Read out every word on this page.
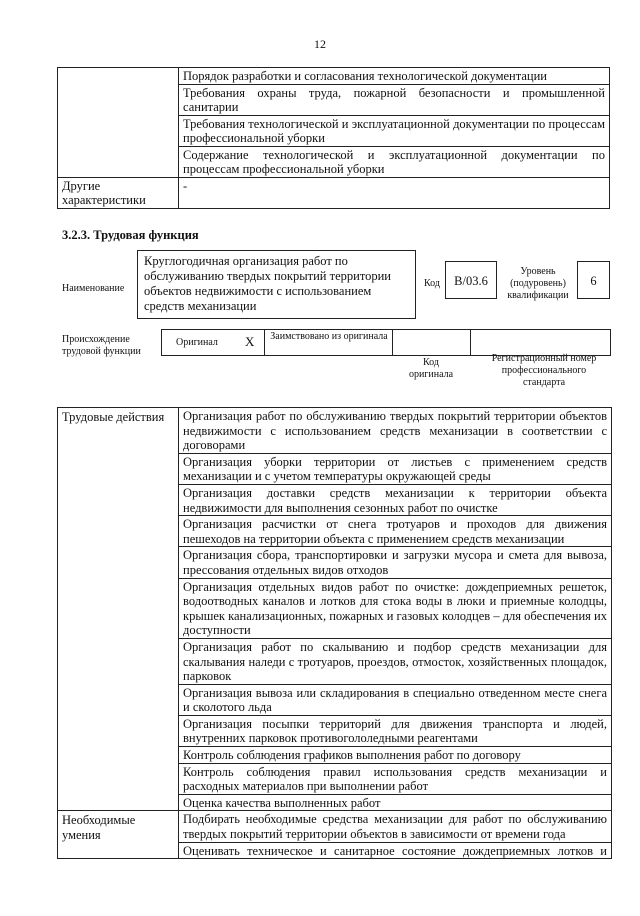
12
	Порядок разработки и согласования технологической документации
	Требования охраны труда, пожарной безопасности и промышленной санитарии
	Требования технологической и эксплуатационной документации по процессам профессиональной уборки
	Содержание технологической и эксплуатационной документации по процессам профессиональной уборки
Другие характеристики	-
3.2.3. Трудовая функция
Наименование
Круглогодичная организация работ по обслуживанию твердых покрытий территории объектов недвижимости с использованием средств механизации
Код	B/03.6
Уровень (подуровень) квалификации
6
Происхождение трудовой функции
Оригинал X Заимствовано из оригинала
Код оригинала
Регистрационный номер профессионального стандарта
Трудовые действия	Организация работ по обслуживанию твердых покрытий территории объектов недвижимости с использованием средств механизации в соответствии с договорами
	Организация уборки территории от листьев с применением средств механизации и с учетом температуры окружающей среды
	Организация доставки средств механизации к территории объекта недвижимости для выполнения сезонных работ по очистке
	Организация расчистки от снега тротуаров и проходов для движения пешеходов на территории объекта с применением средств механизации
	Организация сбора, транспортировки и загрузки мусора и смета для вывоза, прессования отдельных видов отходов
	Организация отдельных видов работ по очистке: дождеприемных решеток, водоотводных каналов и лотков для стока воды в люки и приемные колодцы, крышек канализационных, пожарных и газовых колодцев – для обеспечения их доступности
	Организация работ по скалыванию и подбор средств механизации для скалывания наледи с тротуаров, проездов, отмосток, хозяйственных площадок, парковок
	Организация вывоза или складирования в специально отведенном месте снега и сколотого льда
	Организация посыпки территорий для движения транспорта и людей, внутренних парковок противогололедными реагентами
	Контроль соблюдения графиков выполнения работ по договору
	Контроль соблюдения правил использования средств механизации и расходных материалов при выполнении работ
	Оценка качества выполненных работ
Необходимые умения	Подбирать необходимые средства механизации для работ по обслуживанию твердых покрытий территории объектов в зависимости от времени года
	Оценивать техническое и санитарное состояние дождеприемных лотков и
